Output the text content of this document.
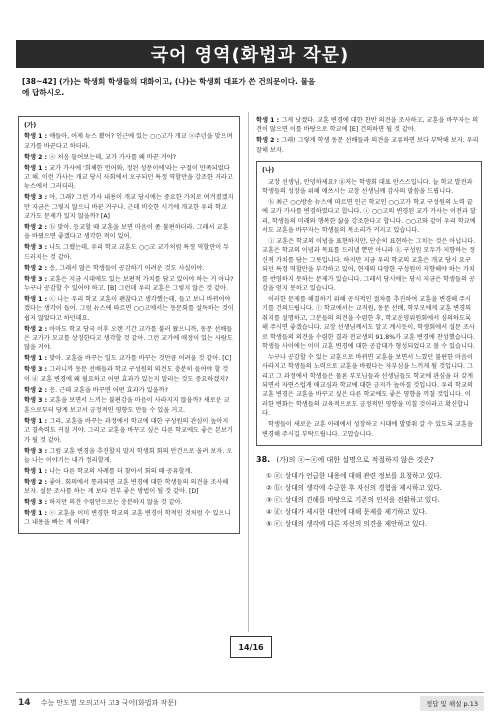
국어 영역(화법과 작문)
[38~42] (가)는 학생회 학생들의 대화이고, (나)는 학생회 대표가 쓴 건의문이다. 물음에 답하시오.
(가)

학생 1 : 얘들아, 어제 뉴스 봤어? 인근에 있는 ○○고가 개교 ⓐ주년을 맞으며 교가를 바꾼다고 하더라.

학생 2 : ⓐ 처음 들어보는데, 교가 가사를 왜 바꾼 거야?

학생 1 : 교가 가사에 '희체한 언어와, 정된 성문이에'라는 구절이 만족되었다고 해. 이런 가사는 개교 당시 사회에서 오구되던 특정 역할만을 강조한 거라고 뉴스에서 그러더라.

학생 3 : 아, 그래? 그런 가사 내용이 개교 당시에는 중요한 가치로 여겨졌겠지만 지금은 그렇지 않으니 바꾼 거구나. 근데 비슷한 시기에 개교한 우리 학교 교가도 문제가 있지 않을까? [A]

학생 2 : ⓑ 맞아. 등교할 때 교훈을 보면 마음이 좀 불편하더라. 그래서 교훈을 바꿨으면 좋겠다고 생각한 적이 있어.

학생 3 : 나도 그랬는데, 우리 학교 교훈도 ○○고 교가처럼 특정 역할만이 두드러지는 것 같아.

학생 2 : 응, 그래서 많은 학생들이 공감하기 어려운 것도 사실이야.

학생 3 : 교훈은 지금 시대에도 있는 보편적 가치를 담고 있어야 하는 거 아냐? 누구나 공감할 수 있어야 하고. [B] 그런데 우리 교훈은 그렇지 않은 것 같아.

학생 1 : ⓒ 나는 우리 학교 교훈이 괜찮다고 생각했는데, 들고 보니 바뀌어야겠다는 생각이 들어. 그럼 뉴스에 따르면 ○○고에서는 동문회를 설득하는 것이 쉽지 않았다고 하던데요.

학생 2 : 아마도 학교 당국 이후 오랜 기간 교가를 불러 왔으니까, 동문 선배들은 교가가 모교를 상징한다고 생각할 것 같아. 그런 교가에 애정이 있는 사람도 많을 거야.

학생 1 : 맞아. 교훈을 바꾸는 일도 교가를 바꾸는 것만큼 어려울 것 같아. [C]

학생 3 : 그러니까 동문 선배들과 학교 구성원의 의견도 충분히 들어야 할 것이 ⓓ 교훈 변경에 왜 필요하고 어떤 효과가 있는지 알리는 것도 중요하겠지?

학생 2 : 응. 근데 교훈을 바꾸면 어떤 효과가 있을까?

학생 3 : 교훈을 보면서 느끼는 불편감을 마음이 사라지지 않을까? 새로운 교훈으로부터 당계 보고서 긍정적인 영향도 만들 수 있을 거고.

학생 1 : 그리, 교훈을 바꾸는 과정에서 학교에 대한 구성원의 관심이 높아지고 결속력도 커질 거야. 그리고 교훈을 바꾸고 싶은 다른 학교에도 좋은 본보기가 될 것 같아.

학생 3 : 그럼 교훈 변경을 추진할지 말지 학생회 회의 안건으로 올려 보자. 오늘 나는 이야기는 내가 정리할게.

학생 1 : 나는 다른 학교의 사례를 더 찾아서 회의 때 공유할게.

학생 2 : 좋아. 회의에서 통과되면 교훈 변경에 대한 학생들의 의견을 조사해 보자. 설문 조사를 하는 게 보다 전부 좋은 방법이 될 것 같아. [D]

학생 3 : 하지만 의견 수렴만으로는 충분하지 않을 것 같아.

학생 1 : ⓔ 교훈을 이미 변경한 학교의 교훈 변경이 학적인 것처럼 수 있으니 그 내용을 빠는 게 어때?

학생 1 : 그게 낫겠다. 교훈 변경에 대한 찬반 의견을 조사하고, 교훈을 바꾸자는 의견이 많으면 이를 바탕으로 학교에 [E] 건의하면 될 것 같아.

학생 2 : 그래! 그렇게 학생 동문 선배들과 의견을 교류하면 보다 부탁해 보자. 우리 잘해 보자.

(나)

교장 선생님, 안녕하세요? ⓖ저는 학생회 대표 안스스입니다. 늘 학교 발전과 학생들의 성장을 위해 애쓰시는 교장 선생님께 감사의 말씀을 드립니다.

ⓗ 최근 ○○방송 뉴스에 따르면 인근 학교인 ○○고가 학교 구성원의 노력 끝에 교가 가사를 변경하였다고 합니다. ⓘ ○○고의 변경된 교가 가사는 이전과 달리, 학생들의 미래와 행복한 삶을 강조한다고 합니다. ○○고와 같이 우리 학교에서도 교훈을 바꾸자는 학생들의 목소리가 커지고 있습니다.

ⓙ 교훈은 학교의 이념을 표현하지만, 단순히 표현하는 그치는 것은 아닙니다. 교훈은 학교의 이념과 목표를 드러낼 뿐만 아니라 ⓚ 구성원 모두가 지향하는 정신적 가치를 담는 그릇입니다. 하지만 지금 우리 학교의 교훈은 개교 당시 요구되던 특정 역할만을 부각하고 있어, 현재의 다양한 구성원이 지향해야 하는 가치를 반영하지 못하는 문제가 있습니다. 그래서 당시에는 당시 지금은 학생들의 공감을 얻지 못하고 있습니다.

이러한 문제를 해결하기 위해 공식적인 절차를 추진하여 교훈을 변경해 주시기를 건의드립니다. ⓛ 학교에서는 교직원, 동문 선배, 학부모에게 교훈 변경의 취지를 설명하고, 그분들의 의견을 수렴한 후, 학교운영위원회에서 심의하도록 해 주시면 좋겠습니다. 교장 선생님께서도 알고 계시듯이, 학생회에서 설문 조사로 학생들의 의견을 수렴한 결과 전교생의 91.8%가 교훈 변경에 찬성했습니다. 학생들 사이에는 이미 교훈 변경에 대한 공감대가 형성되었다고 볼 수 있습니다.

누구나 공감할 수 있는 교훈으로 바뀌면 교훈을 보면서 느꼈던 불편한 마음이 사라지고 학생들의 노력으로 교훈을 바꿨다는 자부심을 느끼게 될 것입니다. 그리고 그 과정에서 학생들은 물론 부모님들과 선생님들도 학교에 관심을 더 갖게 되면서 자연스럽게 애교심과 학교에 대한 긍지가 높아질 것입니다. 우리 학교의 교훈 변경은 교훈을 바꾸고 싶은 다른 학교에도 좋은 영향을 끼칠 것입니다. 이러한 변화는 학생들의 교육적으로도 긍정적인 영향을 미칠 것이라고 확신합니다.

학생들이 새로운 교훈 아래에서 성장하고 시대에 발맞춰 갈 수 있도록 교훈을 변경해 주시길 부탁드립니다. 고맙습니다.

38. (가)의 ⓐ~ⓔ에 대한 설명으로 적절하지 않은 것은?
① ⓐ: 상대가 언급한 내용에 대해 관련 정보를 요청하고 있다.
② ⓑ: 상대의 생각에 수긍한 후 자신의 경험을 제시하고 있다.
③ ⓒ: 상대의 견해를 바탕으로 기존의 인식을 전환하고 있다.
④ ⓓ: 상대가 제시한 대안에 대해 문제를 제기하고 있다.
⑤ ⓔ: 상대의 생각에 다른 자신의 의견을 제안하고 있다.
14/16
14 수능 만도별 모의고사 고3 국어(화법과 작문)	정답 및 해설 p.13
